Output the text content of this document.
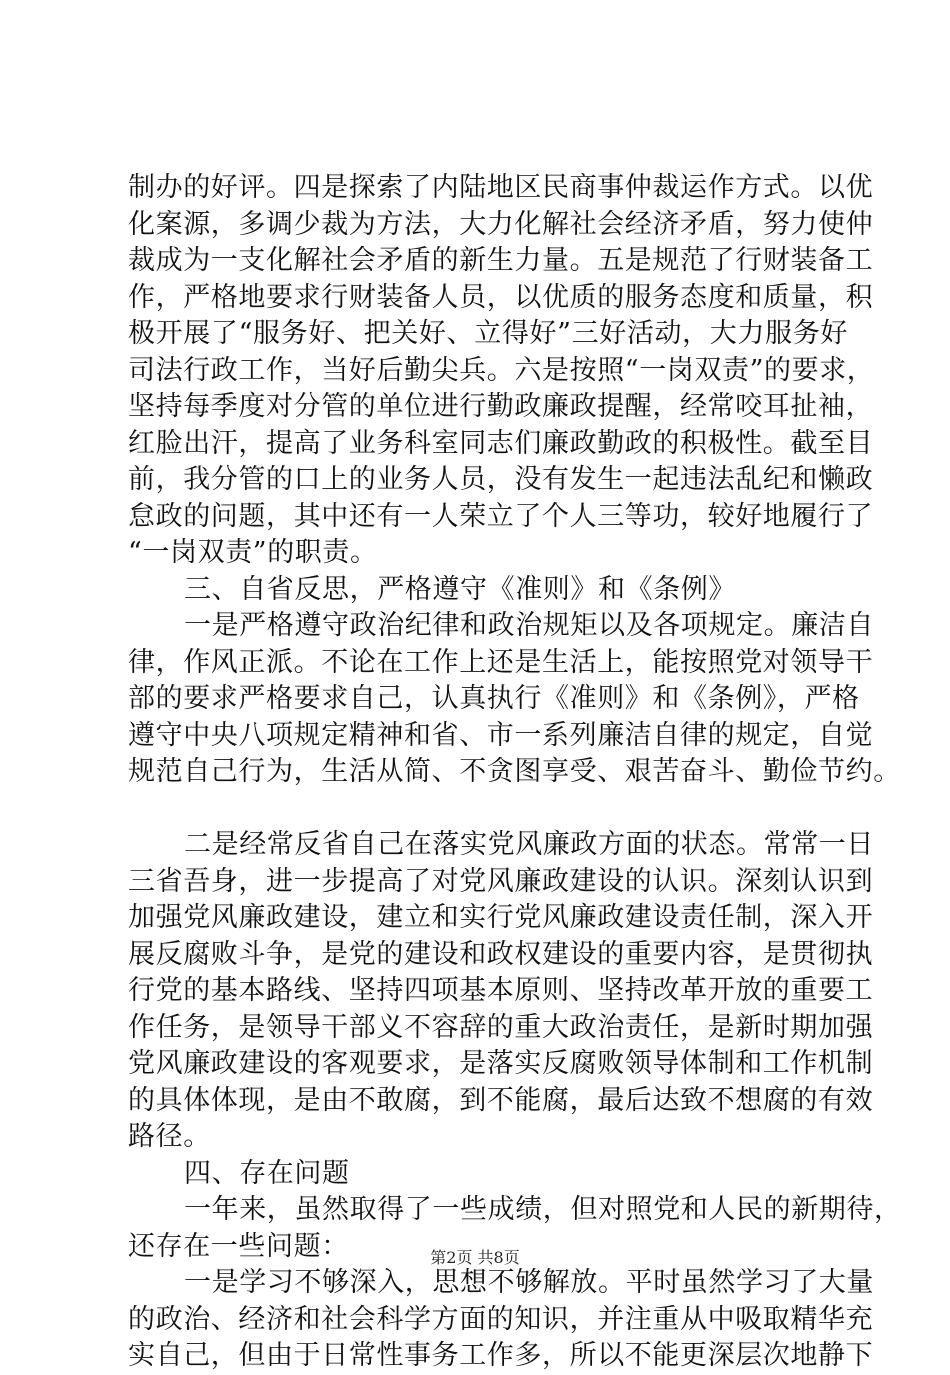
制办的好评。四是探索了内陆地区民商事仲裁运作方式。以优
化案源，多调少裁为方法，大力化解社会经济矛盾，努力使仲
裁成为一支化解社会矛盾的新生力量。五是规范了行财装备工
作，严格地要求行财装备人员，以优质的服务态度和质量，积
极开展了“服务好、把关好、立得好”三好活动，大力服务好
司法行政工作，当好后勤尖兵。六是按照“一岗双责”的要求，
坚持每季度对分管的单位进行勤政廉政提醒，经常咬耳扯袖，
红脸出汗，提高了业务科室同志们廉政勤政的积极性。截至目
前，我分管的口上的业务人员，没有发生一起违法乱纪和懒政
怠政的问题，其中还有一人荣立了个人三等功，较好地履行了
“一岗双责”的职责。
三、自省反思，严格遵守《准则》和《条例》
一是严格遵守政治纪律和政治规矩以及各项规定。廉洁自
律，作风正派。不论在工作上还是生活上，能按照党对领导干
部的要求严格要求自己，认真执行《准则》和《条例》，严格
遵守中央八项规定精神和省、市一系列廉洁自律的规定，自觉
规范自己行为，生活从简、不贪图享受、艰苦奋斗、勤俭节约。
二是经常反省自己在落实党风廉政方面的状态。常常一日
三省吾身，进一步提高了对党风廉政建设的认识。深刻认识到
加强党风廉政建设，建立和实行党风廉政建设责任制，深入开
展反腐败斗争，是党的建设和政权建设的重要内容，是贯彻执
行党的基本路线、坚持四项基本原则、坚持改革开放的重要工
作任务，是领导干部义不容辞的重大政治责任，是新时期加强
党风廉政建设的客观要求，是落实反腐败领导体制和工作机制
的具体体现，是由不敢腐，到不能腐，最后达致不想腐的有效
路径。
四、存在问题
一年来，虽然取得了一些成绩，但对照党和人民的新期待，
还存在一些问题：
一是学习不够深入，思想不够解放。平时虽然学习了大量
的政治、经济和社会科学方面的知识，并注重从中吸取精华充
实自己，但由于日常性事务工作多，所以不能更深层次地静下
第2页 共8页
